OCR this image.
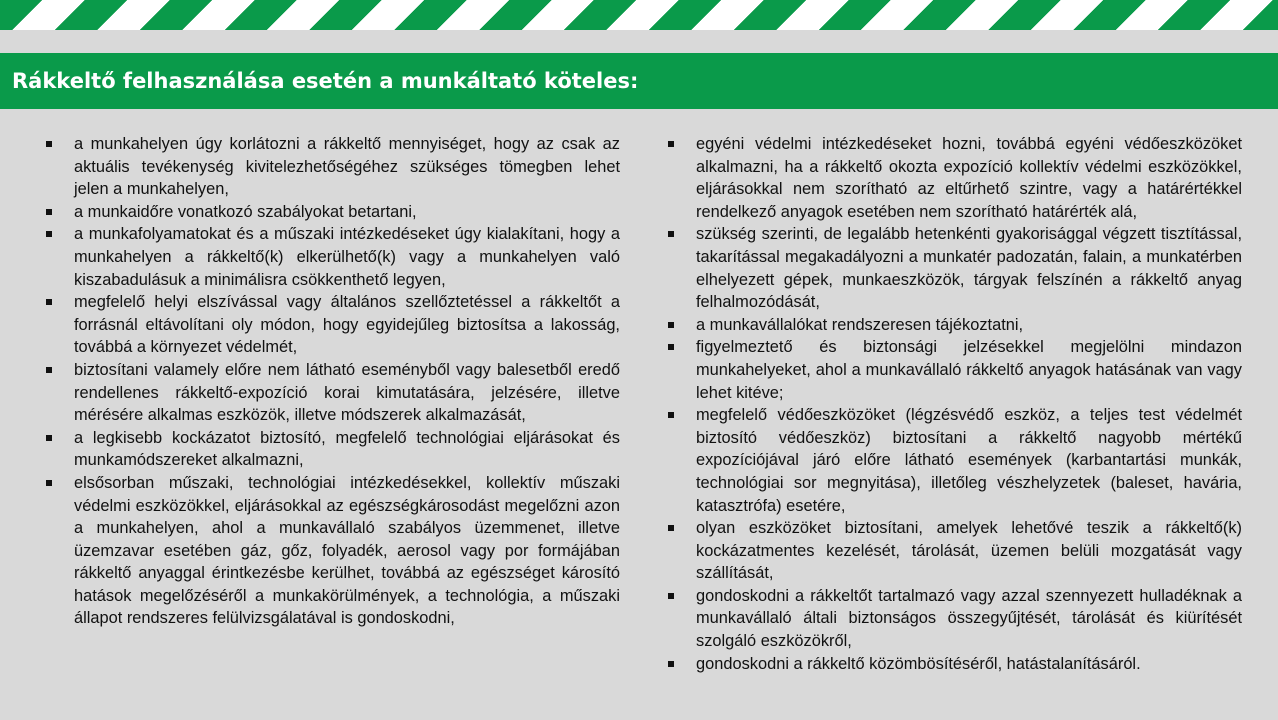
Rákkeltő felhasználása esetén a munkáltató köteles:
a munkahelyen úgy korlátozni a rákkeltő mennyiséget, hogy az csak az aktuális tevékenység kivitelezhetőségéhez szükséges tömegben lehet jelen a munkahelyen,
a munkaidőre vonatkozó szabályokat betartani,
a munkafolyamatokat és a műszaki intézkedéseket úgy kialakítani, hogy a munkahelyen a rákkeltő(k) elkerülhető(k) vagy a munkahelyen való kiszabadulásuk a minimálisra csökkenthető legyen,
megfelelő helyi elszívással vagy általános szellőztetéssel a rákkeltőt a forrásnál eltávolítani oly módon, hogy egyidejűleg biztosítsa a lakosság, továbbá a környezet védelmét,
biztosítani valamely előre nem látható eseményből vagy balesetből eredő rendellenes rákkeltő-expozíció korai kimutatására, jelzésére, illetve mérésére alkalmas eszközök, illetve módszerek alkalmazását,
a legkisebb kockázatot biztosító, megfelelő technológiai eljárásokat és munkamódszereket alkalmazni,
elsősorban műszaki, technológiai intézkedésekkel, kollektív műszaki védelmi eszközökkel, eljárásokkal az egészségkárosodást megelőzni azon a munkahelyen, ahol a munkavállaló szabályos üzemmenet, illetve üzemzavar esetében gáz, gőz, folyadék, aerosol vagy por formájában rákkeltő anyaggal érintkezésbe kerülhet, továbbá az egészséget károsító hatások megelőzéséről a munkakörülmények, a technológia, a műszaki állapot rendszeres felülvizsgálatával is gondoskodni,
egyéni védelmi intézkedéseket hozni, továbbá egyéni védőeszközöket alkalmazni, ha a rákkeltő okozta expozíció kollektív védelmi eszközökkel, eljárásokkal nem szorítható az eltűrhető szintre, vagy a határértékkel rendelkező anyagok esetében nem szorítható határérték alá,
szükség szerinti, de legalább hetenkénti gyakorisággal végzett tisztítással, takarítással megakadályozni a munkatér padozatán, falain, a munkatérben elhelyezett gépek, munkaeszközök, tárgyak felszínén a rákkeltő anyag felhalmozódását,
a munkavállalókat rendszeresen tájékoztatni,
figyelmeztető és biztonsági jelzésekkel megjelölni mindazon munkahelyeket, ahol a munkavállaló rákkeltő anyagok hatásának van vagy lehet kitéve;
megfelelő védőeszközöket (légzésvédő eszköz, a teljes test védelmét biztosító védőeszköz) biztosítani a rákkeltő nagyobb mértékű expozíciójával járó előre látható események (karbantartási munkák, technológiai sor megnyitása), illetőleg vészhelyzetek (baleset, havária, katasztrófa) esetére,
olyan eszközöket biztosítani, amelyek lehetővé teszik a rákkeltő(k) kockázatmentes kezelését, tárolását, üzemen belüli mozgatását vagy szállítását,
gondoskodni a rákkeltőt tartalmazó vagy azzal szennyezett hulladéknak a munkavállaló általi biztonságos összegyűjtését, tárolását és kiürítését szolgáló eszközökről,
gondoskodni a rákkeltő közömbösítéséről, hatástalanításáról.
